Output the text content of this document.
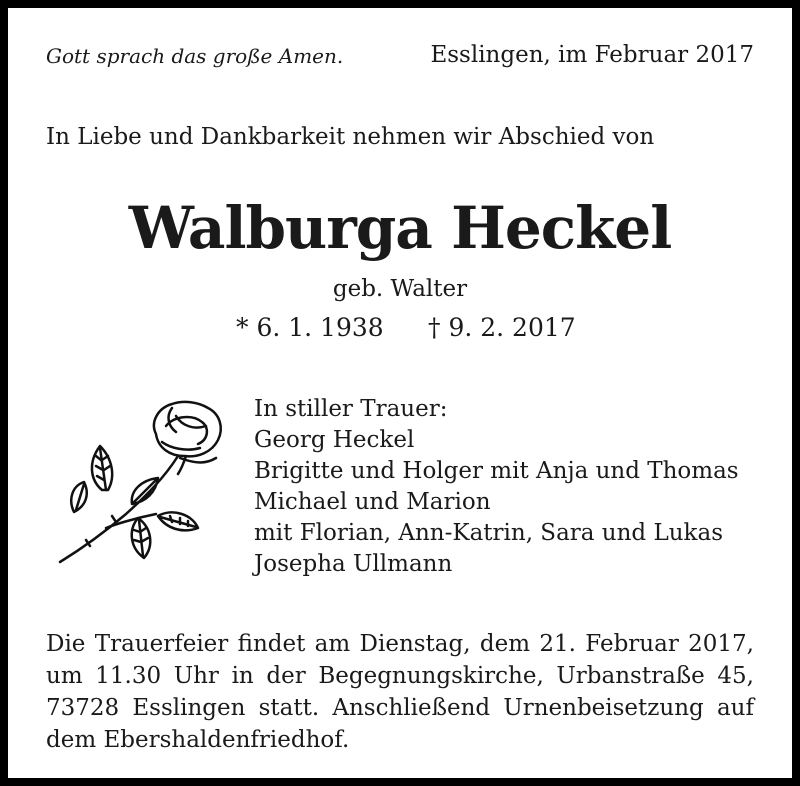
Gott sprach das große Amen.	Esslingen, im Februar 2017
In Liebe und Dankbarkeit nehmen wir Abschied von
Walburga Heckel
geb. Walter
* 6. 1. 1938 † 9. 2. 2017
In stiller Trauer:
Georg Heckel
Brigitte und Holger mit Anja und Thomas
Michael und Marion
mit Florian, Ann-Katrin, Sara und Lukas
Josepha Ullmann

Die Trauerfeier findet am Dienstag, dem 21. Februar 2017, um 11.30 Uhr in der Begegnungskirche, Urbanstraße 45, 73728 Esslingen statt. Anschließend Urnenbeisetzung auf dem Ebershaldenfriedhof.
